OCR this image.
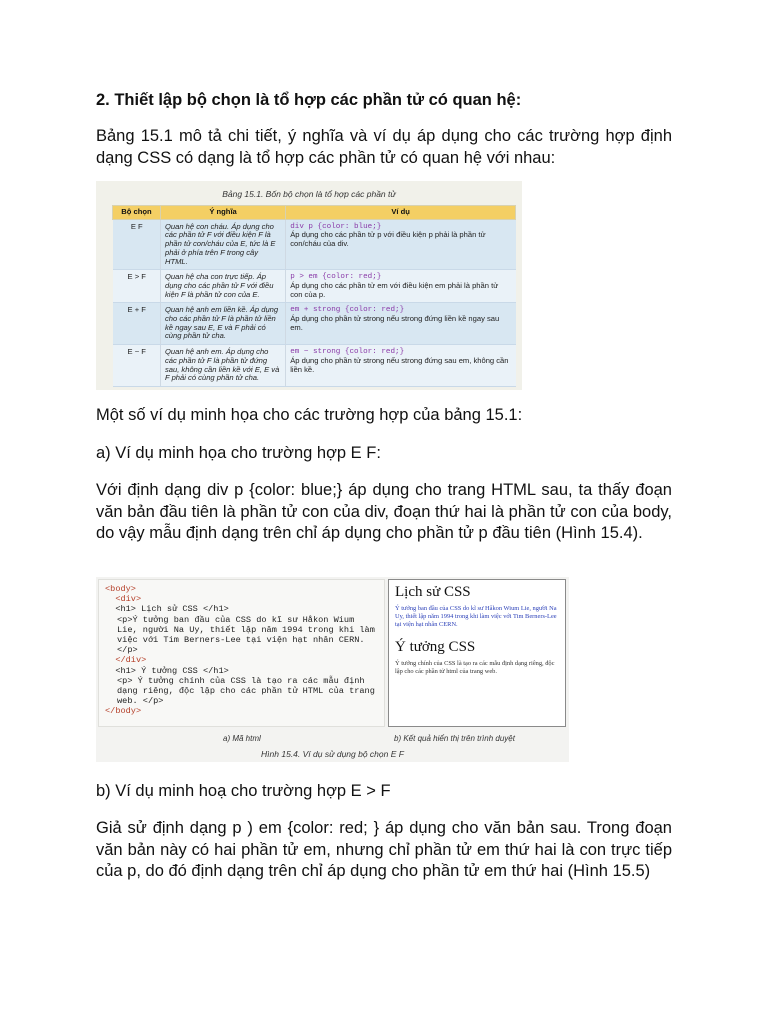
2. Thiết lập bộ chọn là tổ hợp các phần tử có quan hệ:

Bảng 15.1 mô tả chi tiết, ý nghĩa và ví dụ áp dụng cho các trường hợp định dạng CSS có dạng là tổ hợp các phần tử có quan hệ với nhau:

Một số ví dụ minh họa cho các trường hợp của bảng 15.1:

a) Ví dụ minh họa cho trường hợp E F:

Với định dạng div p {color: blue;} áp dụng cho trang HTML sau, ta thấy đoạn văn bản đầu tiên là phần tử con của div, đoạn thứ hai là phần tử con của body, do vậy mẫu định dạng trên chỉ áp dụng cho phần tử p đầu tiên (Hình 15.4).

b) Ví dụ minh hoạ cho trường hợp E > F

Giả sử định dạng p ) em {color: red; } áp dụng cho văn bản sau. Trong đoạn văn bản này có hai phần tử em, nhưng chỉ phần tử em thứ hai là con trực tiếp của p, do đó định dạng trên chỉ áp dụng cho phần tử em thứ hai (Hình 15.5)

Bảng 15.1. Bốn bộ chọn là tổ hợp các phần tử
Bộ chọn	Ý nghĩa	Ví dụ
E F	Quan hệ con cháu. Áp dụng cho các phần tử F với điều kiện F là phần tử con/cháu của E, tức là E phải ở phía trên F trong cây HTML.	div p {color: blue;}
Áp dụng cho các phần tử p với điều kiện p phải là phần tử con/cháu của div.

E > F	Quan hệ cha con trực tiếp. Áp dụng cho các phần tử F với điều kiện F là phần tử con của E.	p > em {color: red;}
Áp dụng cho các phần tử em với điều kiện em phải là phần tử con của p.

E + F	Quan hệ anh em liền kề. Áp dụng cho các phần tử F là phần tử liền kề ngay sau E, E và F phải có cùng phần tử cha.	em + strong {color: red;}
Áp dụng cho phần tử strong nếu strong đứng liền kề ngay sau em.

E ~ F	Quan hệ anh em. Áp dụng cho các phần tử F là phần tử đứng sau, không cần liền kề với E, E và F phải có cùng phần tử cha.	em ~ strong {color: red;}
Áp dụng cho phần tử strong nếu strong đứng sau em, không cần liền kề.
<body>
<div>
<h1> Lịch sử CSS </h1>
<p>Ý tưởng ban đầu của CSS do kĩ sư Håkon Wium Lie, người Na Uy, thiết lập năm 1994 trong khi làm việc với Tim Berners-Lee tại viện hạt nhân CERN. </p>
</div>
<h1> Ý tưởng CSS </h1>
<p> Ý tưởng chính của CSS là tạo ra các mẫu định dạng riêng, độc lập cho các phần tử HTML của trang web. </p>
</body>
Lịch sử CSS

Ý tưởng ban đầu của CSS do kĩ sư Håkon Wium Lie, người Na Uy, thiết lập năm 1994 trong khi làm việc với Tim Berners-Lee tại viện hạt nhân CERN.

Ý tưởng CSS

Ý tưởng chính của CSS là tạo ra các mẫu định dạng riêng, độc lập cho các phần tử html của trang web.

a) Mã html	b) Kết quả hiển thị trên trình duyệt
Hình 15.4. Ví dụ sử dụng bộ chọn E F
